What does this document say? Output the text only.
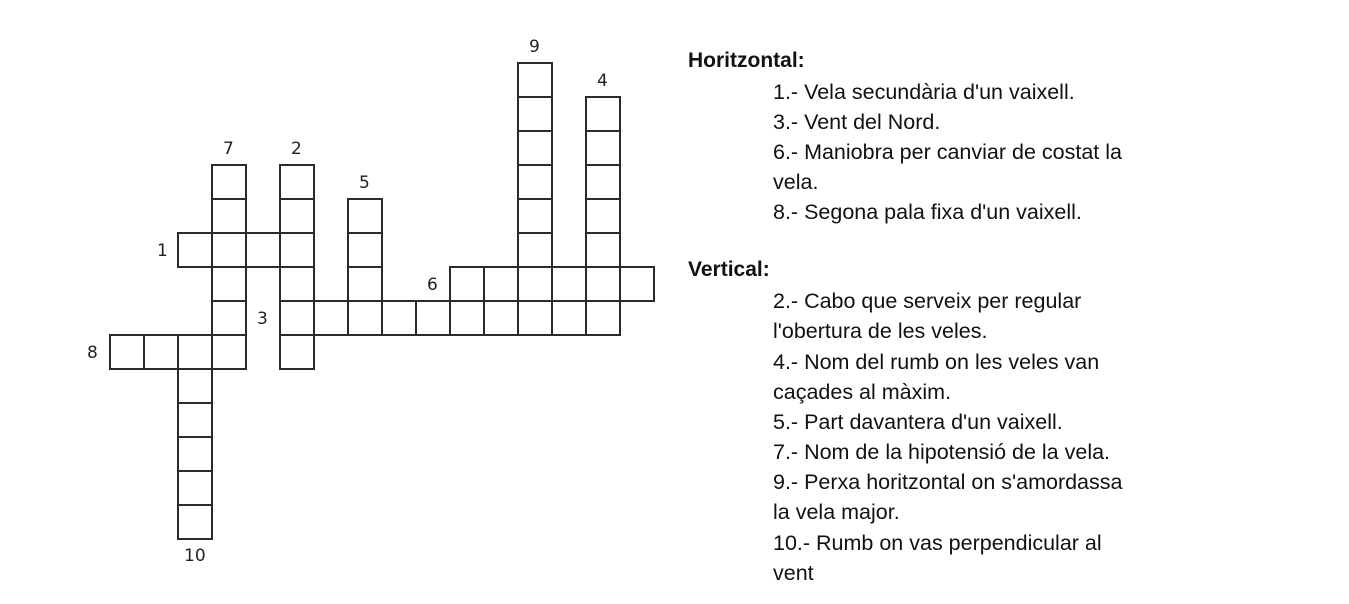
1
3
6
8
2
4
5
7
9
10
Horitzontal:
1.- Vela secundària d'un vaixell.
3.- Vent del Nord.
6.- Maniobra per canviar de costat la
vela.
8.- Segona pala fixa d'un vaixell.
Vertical:
2.- Cabo que serveix per regular
l'obertura de les veles.
4.- Nom del rumb on les veles van
caçades al màxim.
5.- Part davantera d'un vaixell.
7.- Nom de la hipotensió de la vela.
9.- Perxa horitzontal on s'amordassa
la vela major.
10.- Rumb on vas perpendicular al
vent
